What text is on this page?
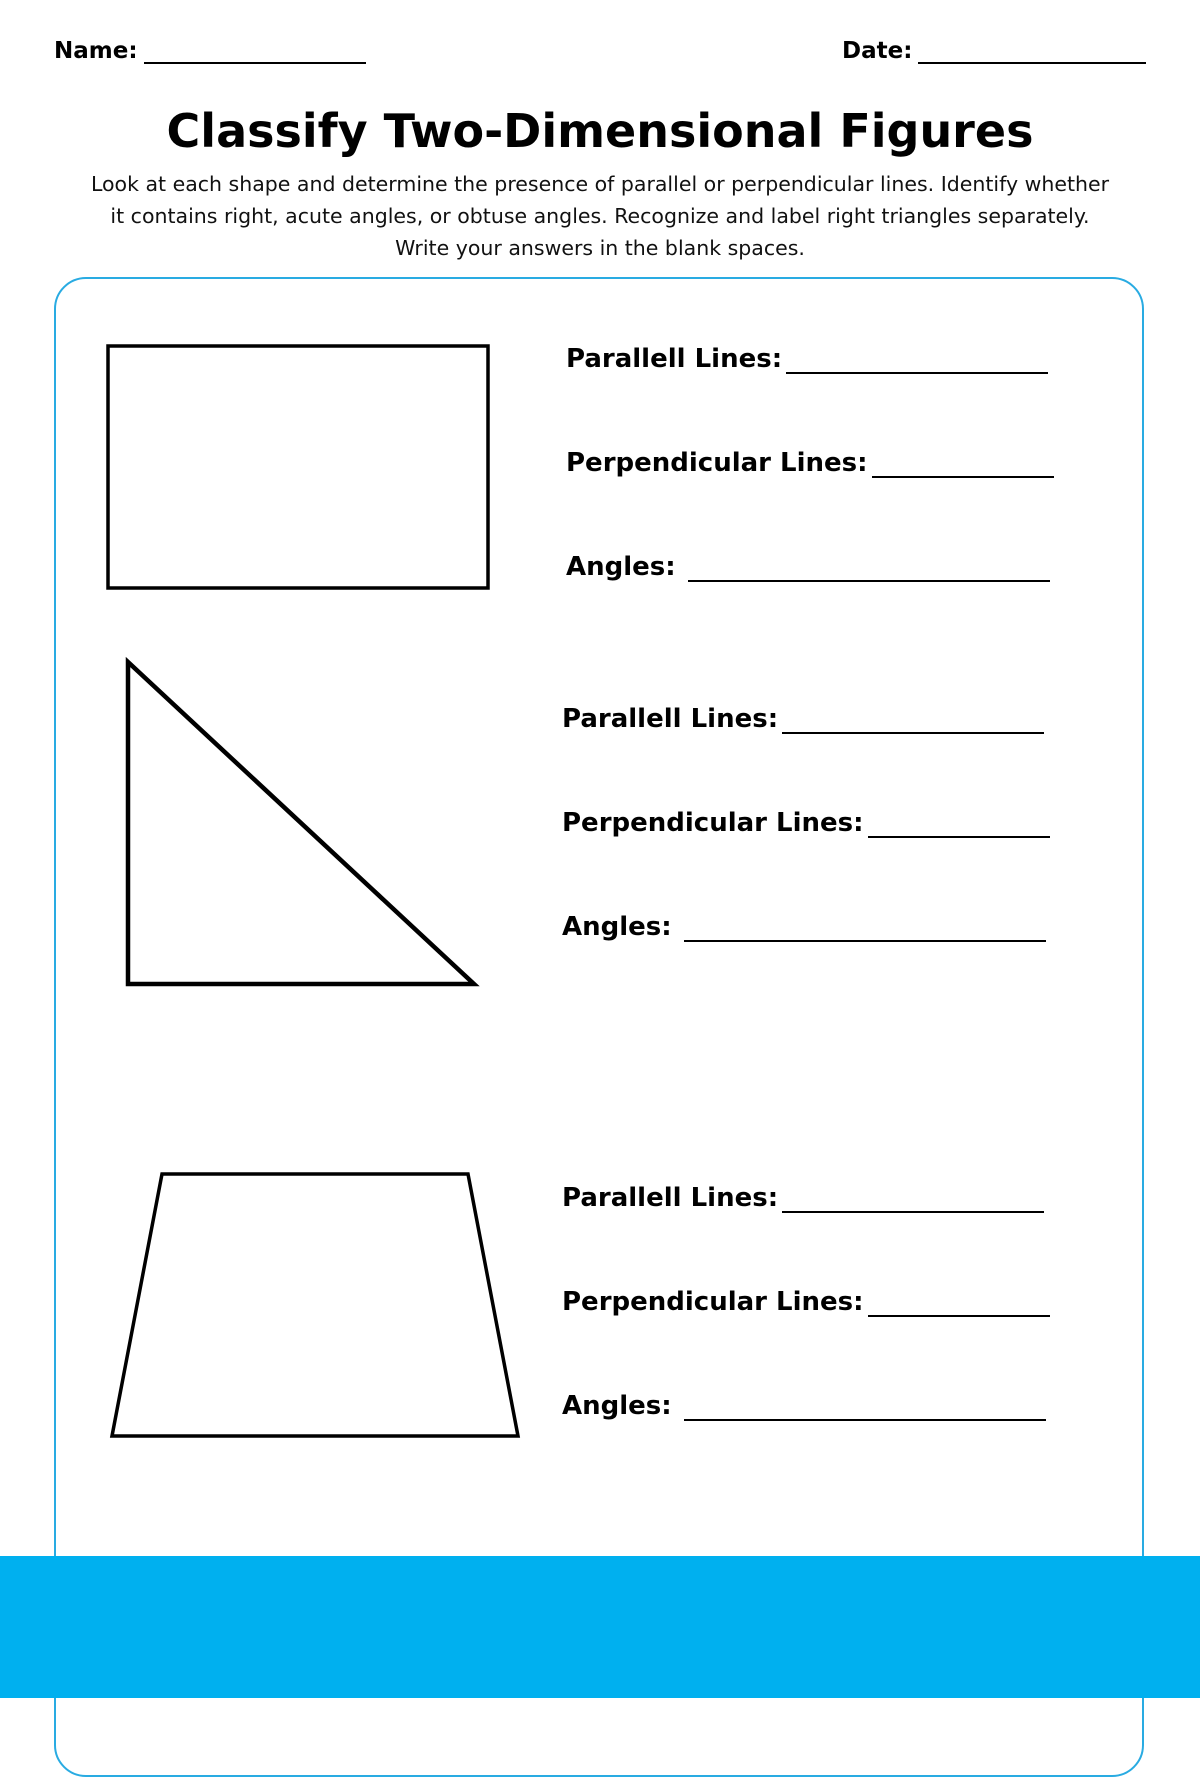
Name:	Date:
Classify Two-Dimensional Figures

Look at each shape and determine the presence of parallel or perpendicular lines. Identify whether it contains right, acute angles, or obtuse angles. Recognize and label right triangles separately. Write your answers in the blank spaces.

Parallell Lines:
Perpendicular Lines:
Angles:
Parallell Lines:
Perpendicular Lines:
Angles:
Parallell Lines:
Perpendicular Lines:
Angles:
